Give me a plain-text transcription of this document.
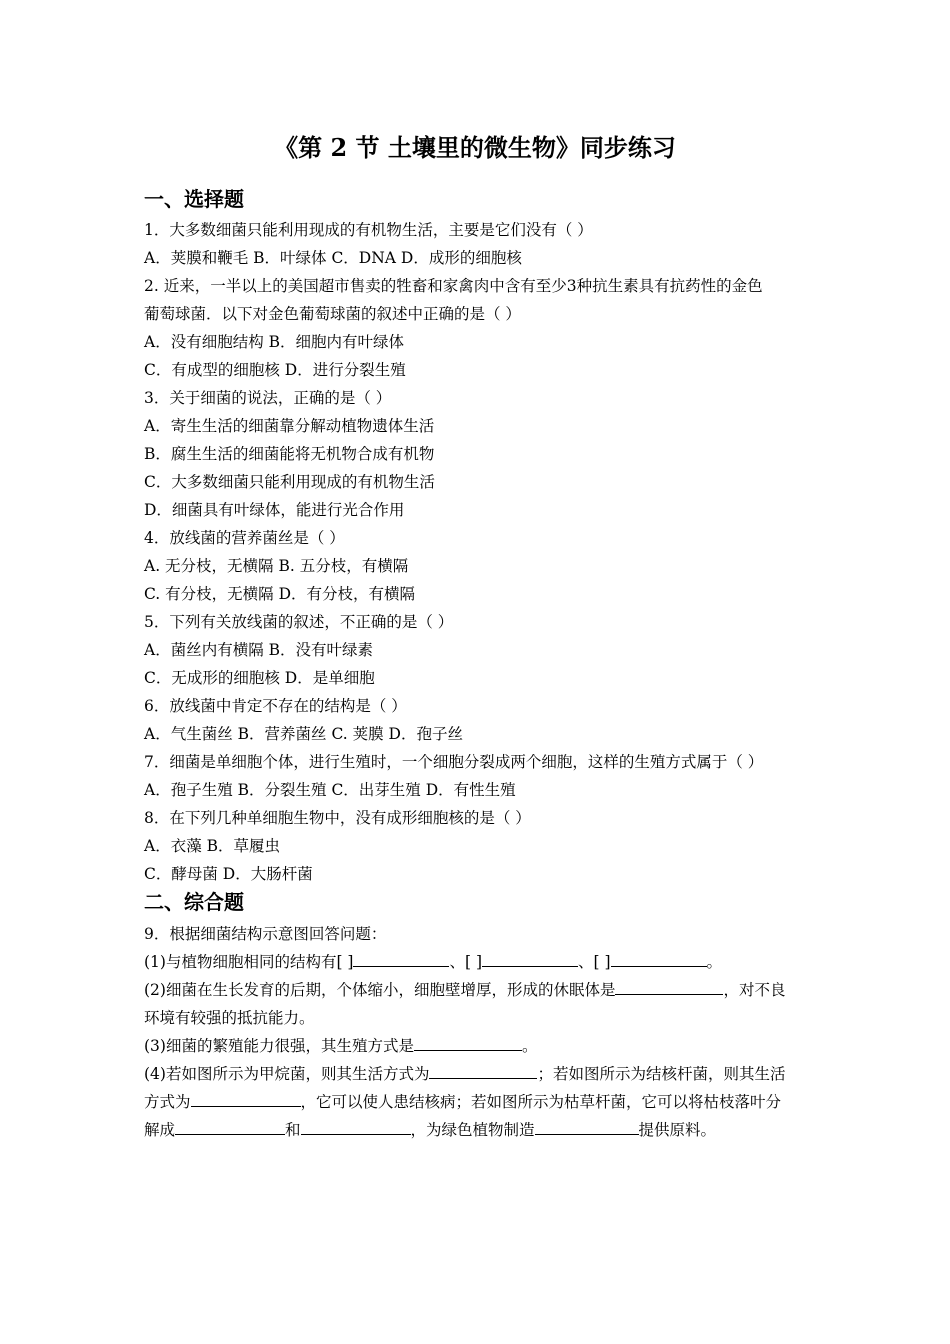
《第 2 节 土壤里的微生物》同步练习
一、选择题
1．大多数细菌只能利用现成的有机物生活，主要是它们没有（ ）
A．荚膜和鞭毛 B．叶绿体 C．DNA D．成形的细胞核
2. 近来，一半以上的美国超市售卖的牲畜和家禽肉中含有至少3种抗生素具有抗药性的金色
葡萄球菌．以下对金色葡萄球菌的叙述中正确的是（ ）
A．没有细胞结构 B．细胞内有叶绿体
C．有成型的细胞核 D．进行分裂生殖
3．关于细菌的说法，正确的是（ ）
A．寄生生活的细菌靠分解动植物遗体生活
B．腐生生活的细菌能将无机物合成有机物
C．大多数细菌只能利用现成的有机物生活
D．细菌具有叶绿体，能进行光合作用
4．放线菌的营养菌丝是（ ）
A. 无分枝，无横隔 B. 五分枝，有横隔
C. 有分枝，无横隔 D．有分枝，有横隔
5．下列有关放线菌的叙述，不正确的是（ ）
A．菌丝内有横隔 B．没有叶绿素
C．无成形的细胞核 D．是单细胞
6．放线菌中肯定不存在的结构是（ ）
A．气生菌丝 B．营养菌丝 C. 荚膜 D．孢子丝
7．细菌是单细胞个体，进行生殖时，一个细胞分裂成两个细胞，这样的生殖方式属于（ ）
A．孢子生殖 B．分裂生殖 C．出芽生殖 D．有性生殖
8．在下列几种单细胞生物中，没有成形细胞核的是（ ）
A．衣藻 B．草履虫
C．酵母菌 D．大肠杆菌
二、综合题
9．根据细菌结构示意图回答问题：
(1)与植物细胞相同的结构有[ ]	、[ ]	、[ ]	。
(2)细菌在生长发育的后期，个体缩小，细胞壁增厚，形成的休眠体是	，对不良
环境有较强的抵抗能力。
(3)细菌的繁殖能力很强，其生殖方式是	。
(4)若如图所示为甲烷菌，则其生活方式为	；若如图所示为结核杆菌，则其生活
方式为	，它可以使人患结核病；若如图所示为枯草杆菌，它可以将枯枝落叶分
解成	和	，为绿色植物制造	提供原料。
